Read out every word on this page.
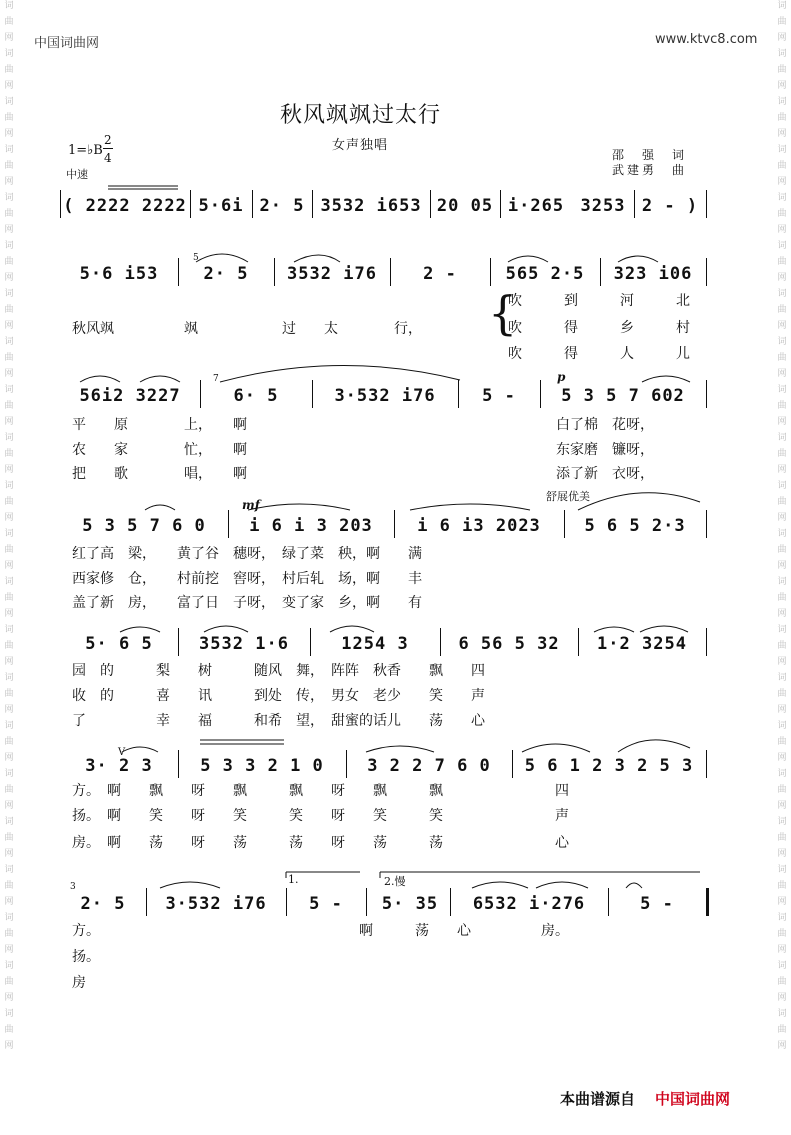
词
曲
网
词
曲
网
词
曲
网
词
曲
网
词
曲
网
词
曲
网
词
曲
网
词
曲
网
词
曲
网
词
曲
网
词
曲
网
词
曲
网
词
曲
网
词
曲
网
词
曲
网
词
曲
网
词
曲
网
词
曲
网
词
曲
网
词
曲
网
词
曲
网
词
曲
网
词
曲
网
词
曲
网
词
曲
网
词
曲
网
词
曲
网
词
曲
网
词
曲
网
词
曲
网
词
曲
网
词
曲
网
词
曲
网
词
曲
网
词
曲
网
词
曲
网
词
曲
网
词
曲
网
词
曲
网
词
曲
网
词
曲
网
词
曲
网
词
曲
网
词
曲
网
中国词曲网	www.ktvc8.com
秋风飒飒过太行
女声独唱
1=♭B
2
4
中速
邵　强　词
武建勇　曲
( 2222 2222 5·6i 2· 5 3532 i653 20 05 i·265 3253 2 - )
5·6 i53	2· 5	3532 i76	2 -	565 2·5	323 i06
56i2 3227	6· 5	3·532 i76	5 -	5 3 5 7 602
5 3 5 7 6 0	i 6 i 3 203	i 6 i3 2023	5 6 5 2·3
5· 6 5	3532 1·6	1254 3	6 56 5 32	1·2 3254
3· 2 3	5 3 3 2 1 0	3 2 2 7 6 0	5 6 1 2 3 2 5 3
2· 5	3·532 i76	5 -	5· 35	6532 i·276	5 -
p
mf
舒展优美
1.	2.慢
5
7
3
V
秋风飒　　　　　飒　　　　　　过　　太　　　　行， {
吹　　　到　　　河　　　北
吹　　　得　　　乡　　　村
吹　　　得　　　人　　　儿
平　　原　　　　上，　　啊	白了棉　花呀，
农　　家　　　　忙，　　啊	东家磨　镰呀，
把　　歌　　　　唱，　　啊	添了新　衣呀，
红了高　梁，　　黄了谷　穗呀，　绿了菜　秧，啊　　满
西家修　仓，　　村前挖　窖呀，　村后轧　场，啊　　丰
盖了新　房，　　富了日　子呀，　变了家　乡，啊　　有
园　的　　　梨　　树　　　随风　舞，　阵阵　秋香　　飘　　四
收　的　　　喜　　讯　　　到处　传，　男女　老少　　笑　　声
了　　　　　幸　　福　　　和希　望，　甜蜜的话儿　　荡　　心
方。　啊　　飘　　呀　　飘　　　飘　　呀　　飘　　　飘　　　　　　　　四
扬。　啊　　笑　　呀　　笑　　　笑　　呀　　笑　　　笑　　　　　　　　声
房。　啊　　荡　　呀　　荡　　　荡　　呀　　荡　　　荡　　　　　　　　心
方。　　　　　　　　　　　　　　　　　　　啊　　　荡　　心　　　　　房。
扬。
房
本曲谱源自 中国词曲网
